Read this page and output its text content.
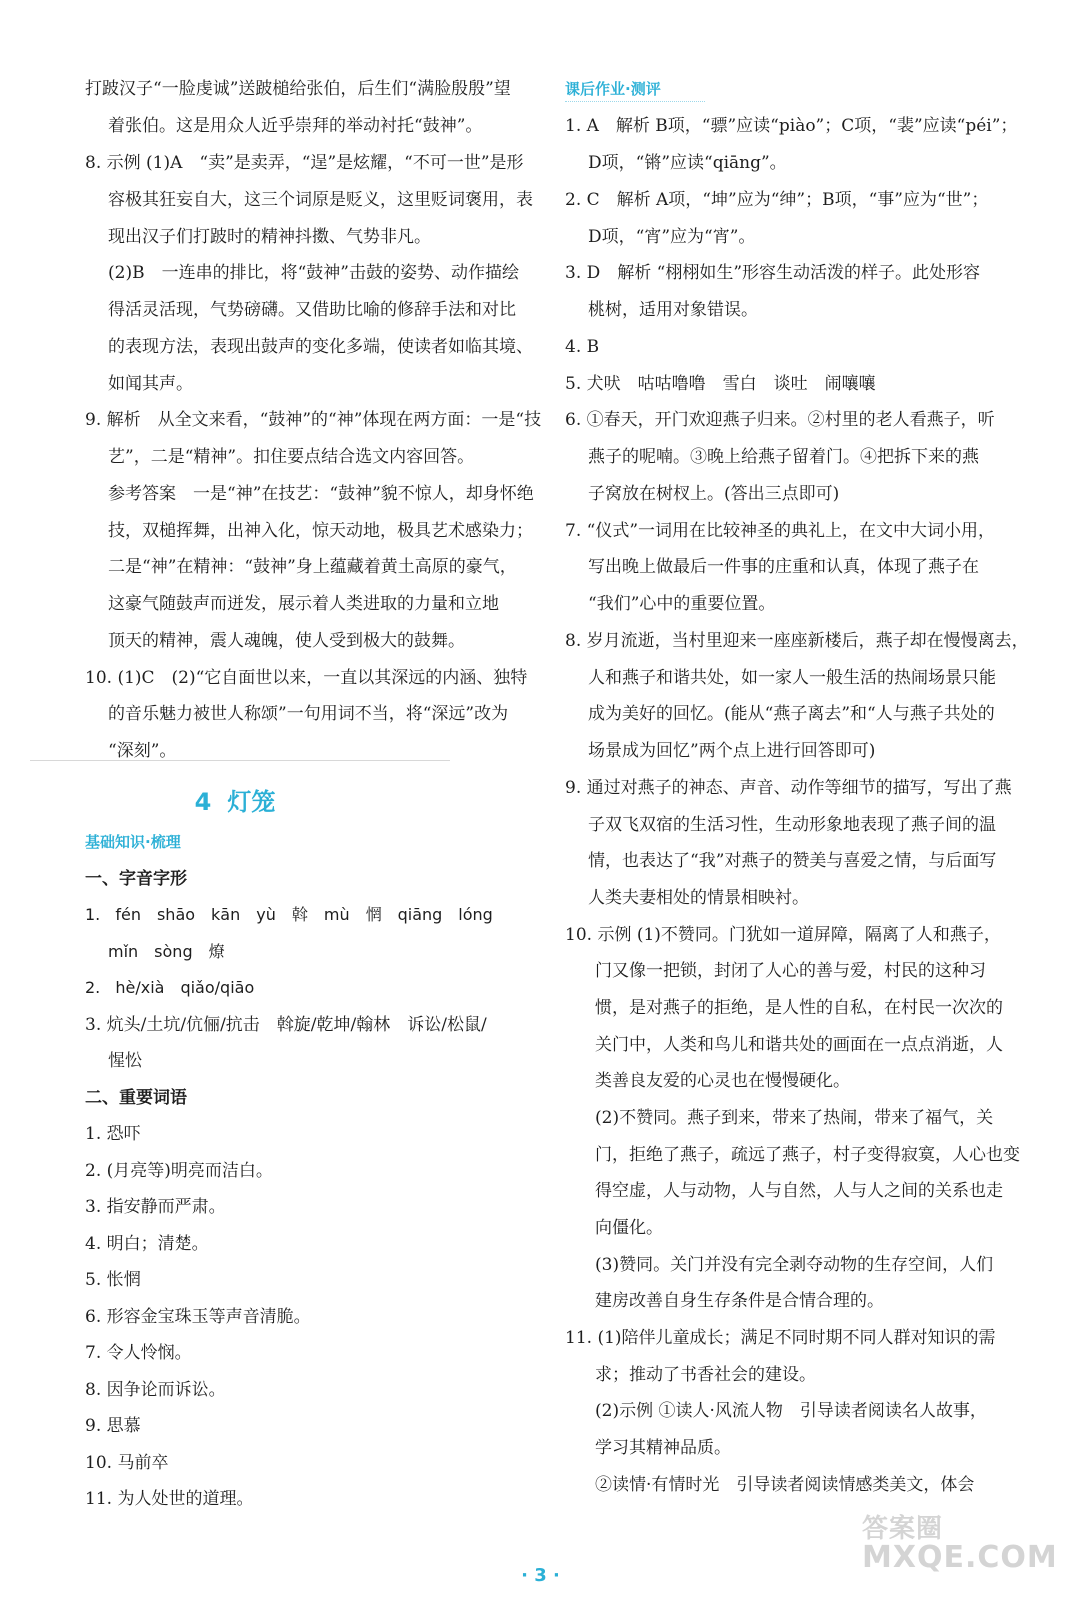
打跛汉子“一脸虔诚”送跛槌给张伯，后生们“满脸殷殷”望
着张伯。这是用众人近乎崇拜的举动衬托“鼓神”。
8. 示例 (1)A　“卖”是卖弄，“逞”是炫耀，“不可一世”是形
容极其狂妄自大，这三个词原是贬义，这里贬词褒用，表
现出汉子们打跛时的精神抖擞、气势非凡。
(2)B　一连串的排比，将“鼓神”击鼓的姿势、动作描绘
得活灵活现，气势磅礴。又借助比喻的修辞手法和对比
的表现方法，表现出鼓声的变化多端，使读者如临其境、
如闻其声。
9. 解析　从全文来看，“鼓神”的“神”体现在两方面：一是“技
艺”，二是“精神”。扣住要点结合选文内容回答。
参考答案　一是“神”在技艺：“鼓神”貌不惊人，却身怀绝
技，双槌挥舞，出神入化，惊天动地，极具艺术感染力；
二是“神”在精神：“鼓神”身上蕴藏着黄土高原的豪气，
这豪气随鼓声而迸发，展示着人类进取的力量和立地
顶天的精神，震人魂魄，使人受到极大的鼓舞。
10. (1)C　(2)“它自面世以来，一直以其深远的内涵、独特
的音乐魅力被世人称颂”一句用词不当，将“深远”改为
“深刻”。
4 灯笼
基础知识·梳理
一、字音字形
1. fén　shāo　kān　yù　斡　mù　惘　qiāng　lóng
mǐn　sòng　燎
2. hè/xià　qiǎo/qiāo
3. 炕头/土坑/伉俪/抗击　斡旋/乾坤/翰林　诉讼/松鼠/
惺忪
二、重要词语
1. 恐吓
2. (月亮等)明亮而洁白。
3. 指安静而严肃。
4. 明白；清楚。
5. 怅惘
6. 形容金宝珠玉等声音清脆。
7. 令人怜悯。
8. 因争论而诉讼。
9. 思慕
10. 马前卒
11. 为人处世的道理。
课后作业·测评
1. A　解析 B项，“骠”应读“piào”；C项，“裴”应读“péi”；
D项，“锵”应读“qiāng”。
2. C　解析 A项，“坤”应为“绅”；B项，“事”应为“世”；
D项，“宵”应为“宵”。
3. D　解析 “栩栩如生”形容生动活泼的样子。此处形容
桃树，适用对象错误。
4. B
5. 犬吠　咕咕噜噜　雪白　谈吐　闹嚷嚷
6. ①春天，开门欢迎燕子归来。②村里的老人看燕子，听
燕子的呢喃。③晚上给燕子留着门。④把拆下来的燕
子窝放在树杈上。(答出三点即可)
7. “仪式”一词用在比较神圣的典礼上，在文中大词小用，
写出晚上做最后一件事的庄重和认真，体现了燕子在
“我们”心中的重要位置。
8. 岁月流逝，当村里迎来一座座新楼后，燕子却在慢慢离去，
人和燕子和谐共处，如一家人一般生活的热闹场景只能
成为美好的回忆。(能从“燕子离去”和“人与燕子共处的
场景成为回忆”两个点上进行回答即可)
9. 通过对燕子的神态、声音、动作等细节的描写，写出了燕
子双飞双宿的生活习性，生动形象地表现了燕子间的温
情，也表达了“我”对燕子的赞美与喜爱之情，与后面写
人类夫妻相处的情景相映衬。
10. 示例 (1)不赞同。门犹如一道屏障，隔离了人和燕子，
门又像一把锁，封闭了人心的善与爱，村民的这种习
惯，是对燕子的拒绝，是人性的自私，在村民一次次的
关门中，人类和鸟儿和谐共处的画面在一点点消逝，人
类善良友爱的心灵也在慢慢硬化。
(2)不赞同。燕子到来，带来了热闹，带来了福气，关
门，拒绝了燕子，疏远了燕子，村子变得寂寞，人心也变
得空虚，人与动物，人与自然，人与人之间的关系也走
向僵化。
(3)赞同。关门并没有完全剥夺动物的生存空间，人们
建房改善自身生存条件是合情合理的。
11. (1)陪伴儿童成长；满足不同时期不同人群对知识的需
求；推动了书香社会的建设。
(2)示例 ①读人·风流人物　引导读者阅读名人故事，
学习其精神品质。
②读情·有情时光　引导读者阅读情感类美文，体会
· 3 ·
答案圈
MXQE.COM
